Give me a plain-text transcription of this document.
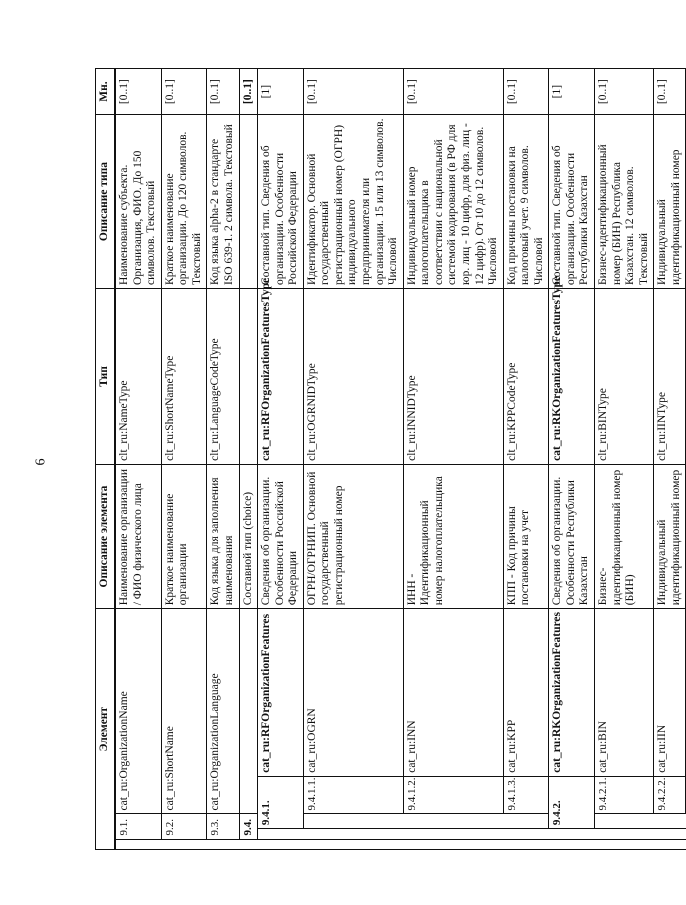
6
Элемент					Описание элемента	Тип	Описание типа	Мн.
	9.1.		cat_ru:OrganizationName		Наименование организации / ФИО физического лица	clt_ru:NameType	Наименование субъекта. Организация, ФИО. До 150 символов. Текстовый	[0..1]
	9.2.		cat_ru:ShortName		Краткое наименование организации	clt_ru:ShortNameType	Краткое наименование организации. До 120 символов. Текстовый	[0..1]
	9.3.		cat_ru:OrganizationLanguage		Код языка для заполнения наименования	clt_ru:LanguageCodeType	Код языка alpha-2 в стандарте ISO 639-1. 2 символа. Текстовый	[0..1]
	9.4.				Составной тип (choice)			[0..1]
		9.4.1.		cat_ru:RFOrganizationFeatures	Сведения об организации. Особенности Российской Федерации	cat_ru:RFOrganizationFeaturesType	Составной тип. Сведения об организации. Особенности Российской Федерации	[1]
			9.4.1.1.	cat_ru:OGRN	ОГРН/ОГРНИП. Основной государственный регистрационный номер	clt_ru:OGRNIDType	Идентификатор. Основной государственный регистрационный номер (ОГРН) индивидуального предпринимателя или организации. 15 или 13 символов. Числовой	[0..1]
			9.4.1.2.	cat_ru:INN	ИНН - Идентификационный номер налогоплательщика	clt_ru:INNIDType	Индивидуальный номер налогоплательщика в соответствии с национальной системой кодирования (в РФ для юр. лиц - 10 цифр, для физ. лиц - 12 цифр). От 10 до 12 символов. Числовой	[0..1]
			9.4.1.3.	cat_ru:KPP	КПП - Код причины постановки на учет	clt_ru:KPPCodeType	Код причины постановки на налоговый учет. 9 символов. Числовой	[0..1]
		9.4.2.		cat_ru:RKOrganizationFeatures	Сведения об организации. Особенности Республики Казахстан	cat_ru:RKOrganizationFeaturesType	Составной тип. Сведения об организации. Особенности Республики Казахстан	[1]
			9.4.2.1.	cat_ru:BIN	Бизнес-идентификационный номер (БИН)	clt_ru:BINType	Бизнес-идентификационный номер (БИН) Республика Казахстан. 12 символов. Текстовый	[0..1]
			9.4.2.2.	cat_ru:IIN	Индивидуальный идентификационный номер	clt_ru:IINType	Индивидуальный идентификационный номер	[0..1]
